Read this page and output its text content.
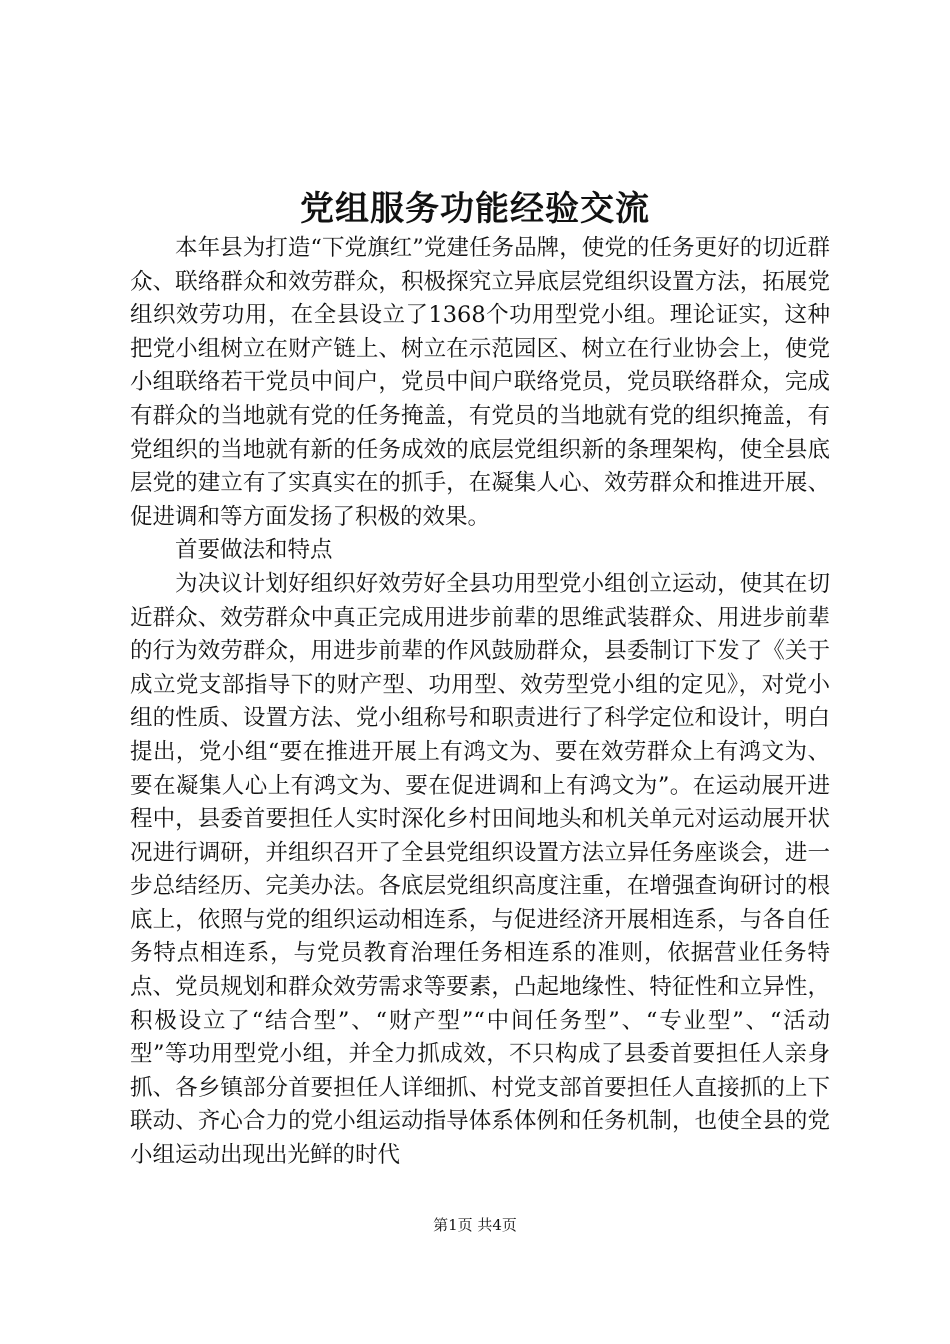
党组服务功能经验交流

本年县为打造“下党旗红”党建任务品牌，使党的任务更好的切近群众、联络群众和效劳群众，积极探究立异底层党组织设置方法，拓展党组织效劳功用，在全县设立了1368个功用型党小组。理论证实，这种把党小组树立在财产链上、树立在示范园区、树立在行业协会上，使党小组联络若干党员中间户，党员中间户联络党员，党员联络群众，完成有群众的当地就有党的任务掩盖，有党员的当地就有党的组织掩盖，有党组织的当地就有新的任务成效的底层党组织新的条理架构，使全县底层党的建立有了实真实在的抓手，在凝集人心、效劳群众和推进开展、促进调和等方面发扬了积极的效果。

首要做法和特点

为决议计划好组织好效劳好全县功用型党小组创立运动，使其在切近群众、效劳群众中真正完成用进步前辈的思维武装群众、用进步前辈的行为效劳群众，用进步前辈的作风鼓励群众，县委制订下发了《关于成立党支部指导下的财产型、功用型、效劳型党小组的定见》，对党小组的性质、设置方法、党小组称号和职责进行了科学定位和设计，明白提出，党小组“要在推进开展上有鸿文为、要在效劳群众上有鸿文为、要在凝集人心上有鸿文为、要在促进调和上有鸿文为”。在运动展开进程中，县委首要担任人实时深化乡村田间地头和机关单元对运动展开状况进行调研，并组织召开了全县党组织设置方法立异任务座谈会，进一步总结经历、完美办法。各底层党组织高度注重，在增强查询研讨的根底上，依照与党的组织运动相连系，与促进经济开展相连系，与各自任务特点相连系，与党员教育治理任务相连系的准则，依据营业任务特点、党员规划和群众效劳需求等要素，凸起地缘性、特征性和立异性，积极设立了“结合型”、“财产型”“中间任务型”、“专业型”、“活动型”等功用型党小组，并全力抓成效，不只构成了县委首要担任人亲身抓、各乡镇部分首要担任人详细抓、村党支部首要担任人直接抓的上下联动、齐心合力的党小组运动指导体系体例和任务机制，也使全县的党小组运动出现出光鲜的时代

第1页 共4页
